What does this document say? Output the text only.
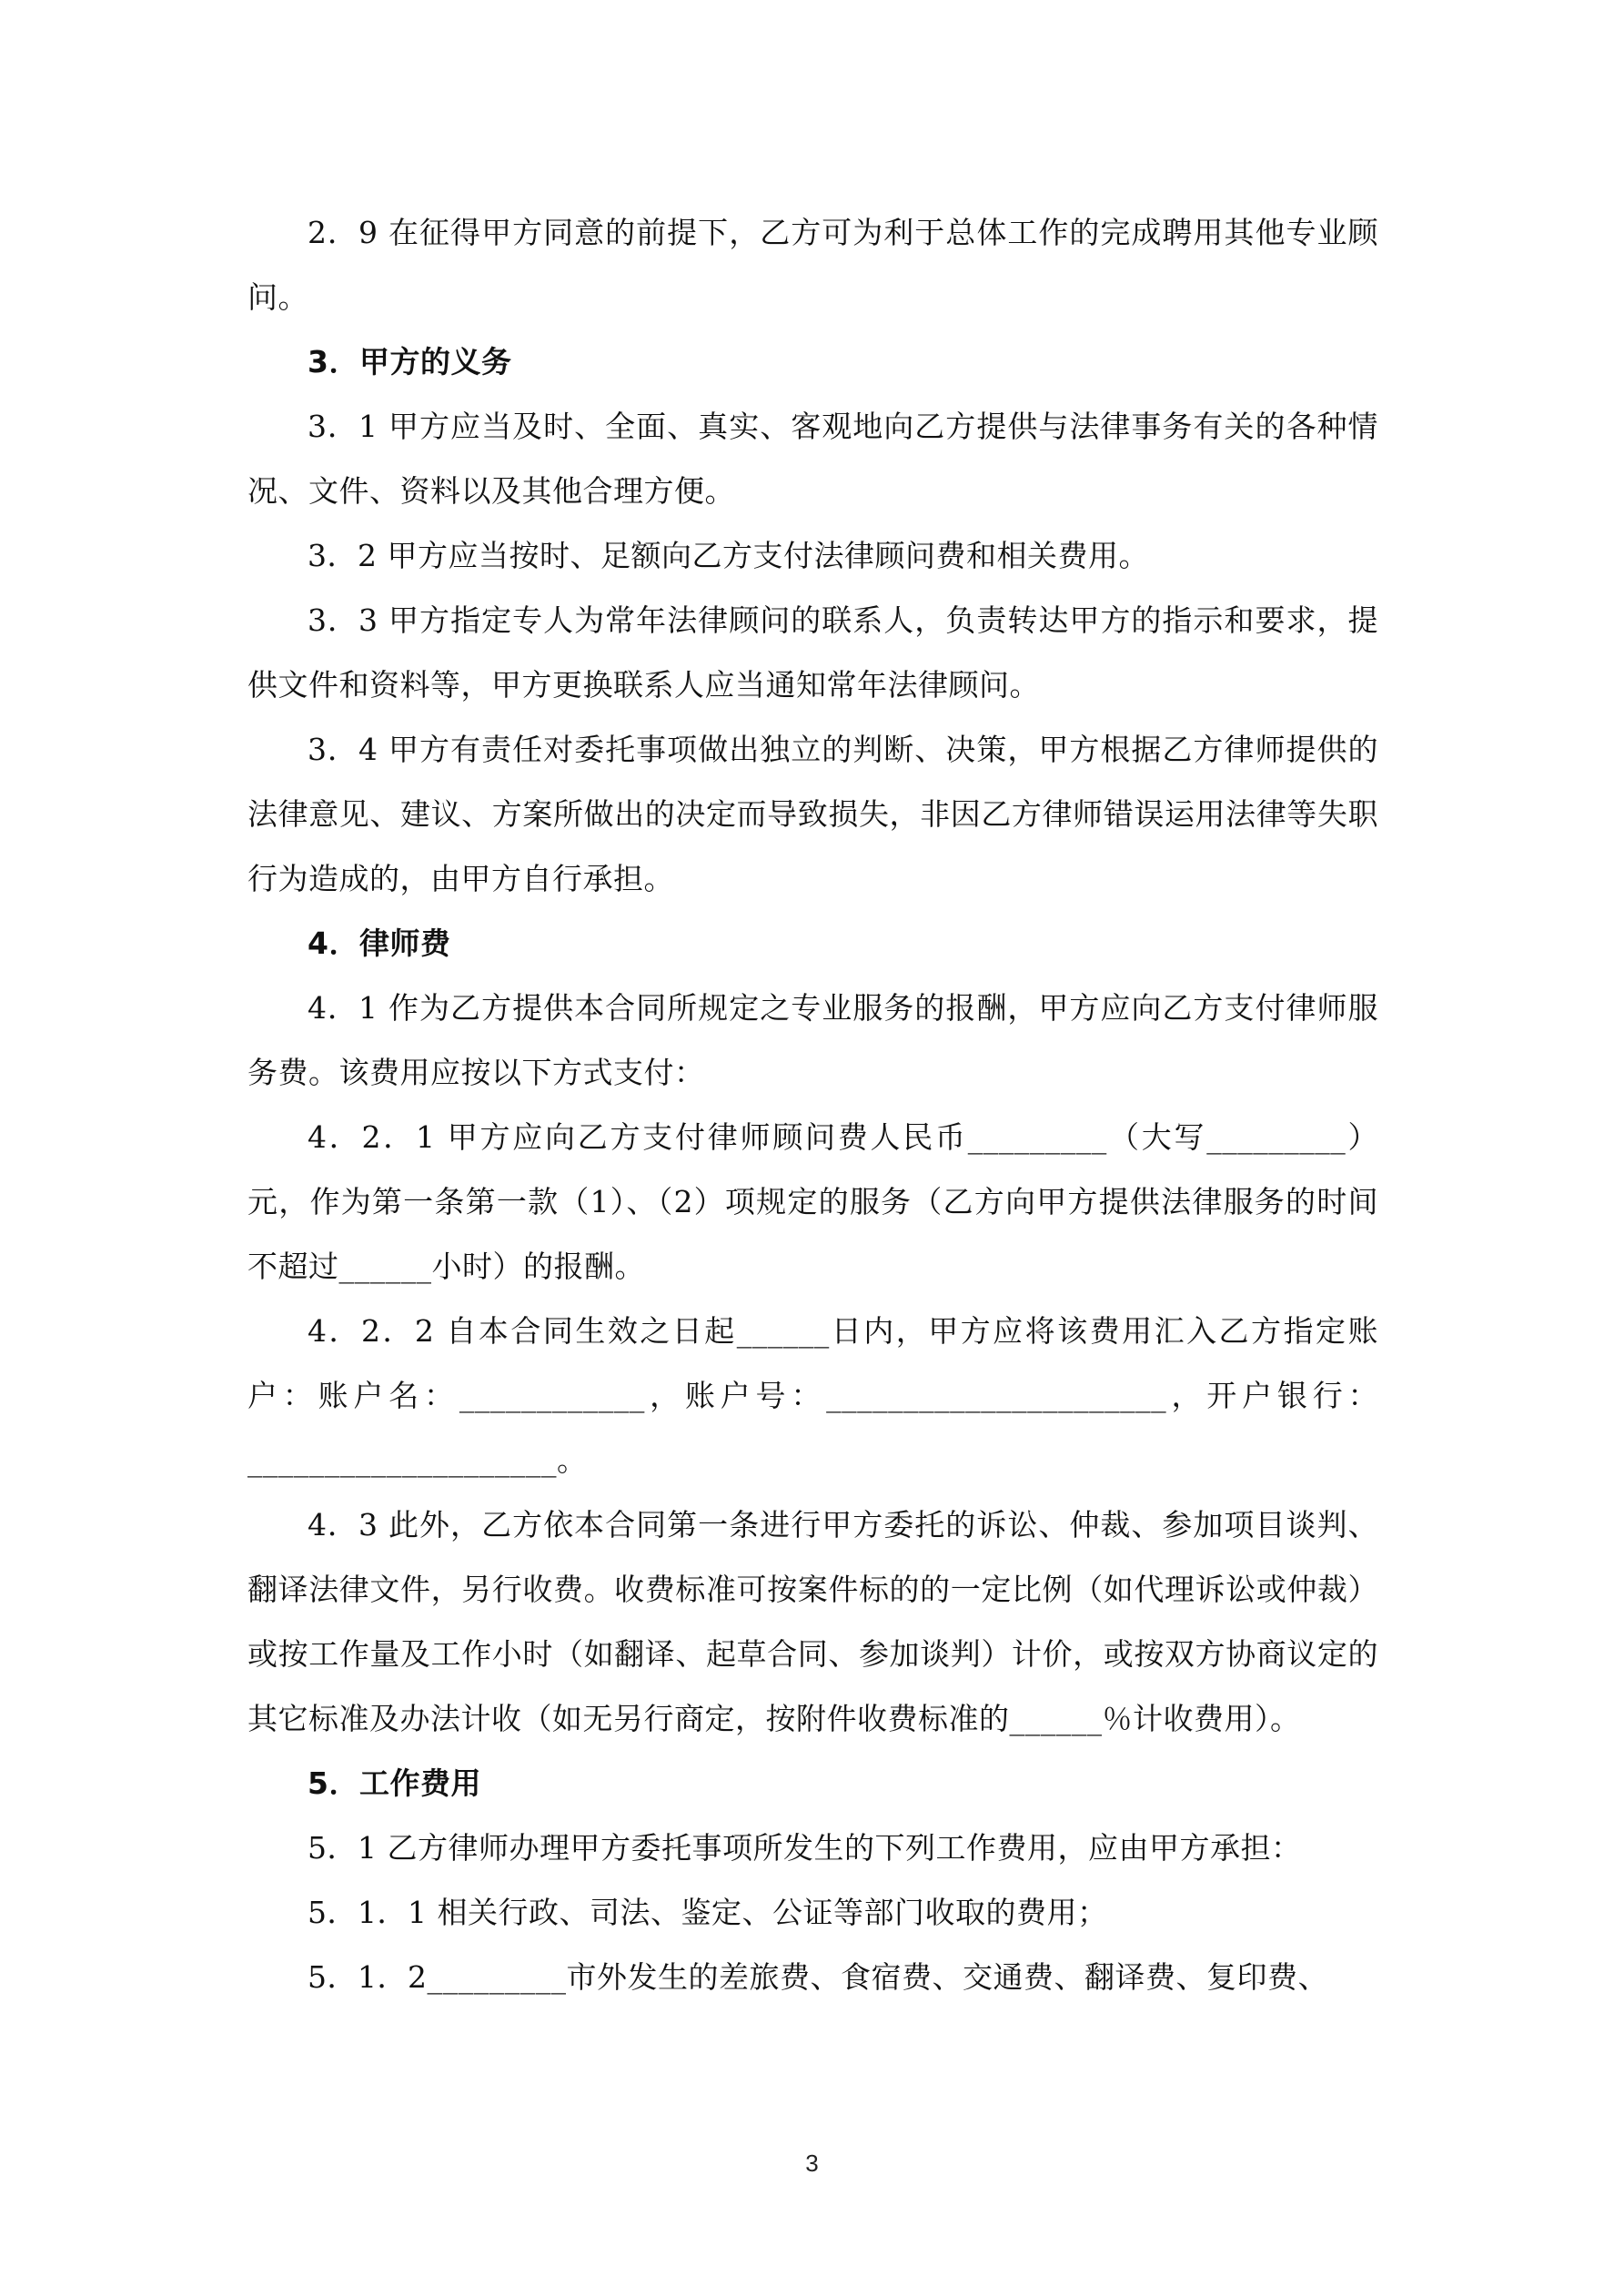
2．9 在征得甲方同意的前提下，乙方可为利于总体工作的完成聘用其他专业顾问。

3．甲方的义务

3．1 甲方应当及时、全面、真实、客观地向乙方提供与法律事务有关的各种情况、文件、资料以及其他合理方便。

3．2 甲方应当按时、足额向乙方支付法律顾问费和相关费用。

3．3 甲方指定专人为常年法律顾问的联系人，负责转达甲方的指示和要求，提供文件和资料等，甲方更换联系人应当通知常年法律顾问。

3．4 甲方有责任对委托事项做出独立的判断、决策，甲方根据乙方律师提供的法律意见、建议、方案所做出的决定而导致损失，非因乙方律师错误运用法律等失职行为造成的，由甲方自行承担。

4．律师费

4．1 作为乙方提供本合同所规定之专业服务的报酬，甲方应向乙方支付律师服务费。该费用应按以下方式支付：

4．2．1 甲方应向乙方支付律师顾问费人民币_________（大写_________）元，作为第一条第一款（1）、（2）项规定的服务（乙方向甲方提供法律服务的时间不超过______小时）的报酬。

4．2．2 自本合同生效之日起______日内，甲方应将该费用汇入乙方指定账户：账户名：____________，账户号：______________________，开户银行：____________________。

4．3 此外，乙方依本合同第一条进行甲方委托的诉讼、仲裁、参加项目谈判、翻译法律文件，另行收费。收费标准可按案件标的的一定比例（如代理诉讼或仲裁）或按工作量及工作小时（如翻译、起草合同、参加谈判）计价，或按双方协商议定的其它标准及办法计收（如无另行商定，按附件收费标准的______％计收费用）。

5．工作费用

5．1 乙方律师办理甲方委托事项所发生的下列工作费用，应由甲方承担：

5．1．1 相关行政、司法、鉴定、公证等部门收取的费用；

5．1．2_________市外发生的差旅费、食宿费、交通费、翻译费、复印费、

3
